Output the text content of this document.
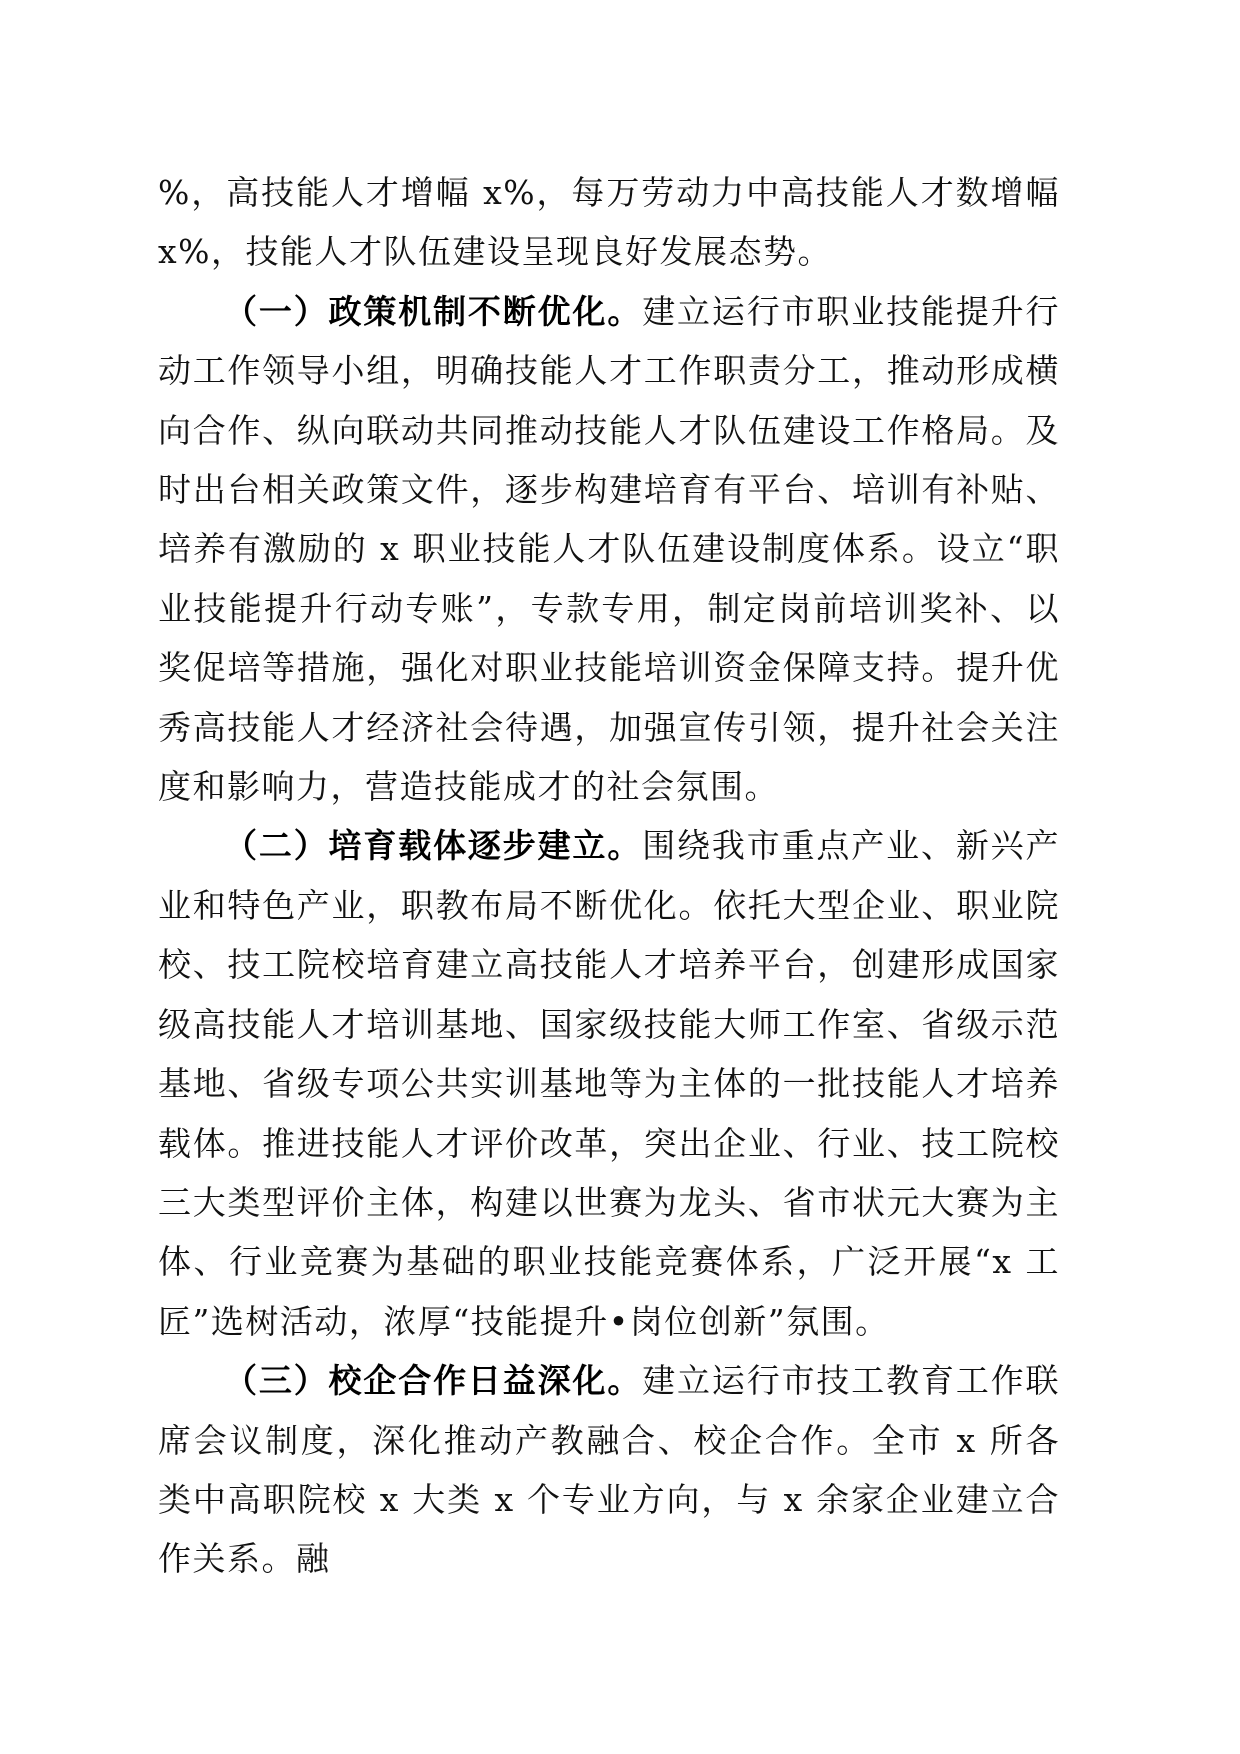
%，高技能人才增幅 x%，每万劳动力中高技能人才数增幅 x%，技能人才队伍建设呈现良好发展态势。

（一）政策机制不断优化。建立运行市职业技能提升行动工作领导小组，明确技能人才工作职责分工，推动形成横向合作、纵向联动共同推动技能人才队伍建设工作格局。及时出台相关政策文件，逐步构建培育有平台、培训有补贴、培养有激励的 x 职业技能人才队伍建设制度体系。设立“职业技能提升行动专账”，专款专用，制定岗前培训奖补、以奖促培等措施，强化对职业技能培训资金保障支持。提升优秀高技能人才经济社会待遇，加强宣传引领，提升社会关注度和影响力，营造技能成才的社会氛围。

（二）培育载体逐步建立。围绕我市重点产业、新兴产业和特色产业，职教布局不断优化。依托大型企业、职业院校、技工院校培育建立高技能人才培养平台，创建形成国家级高技能人才培训基地、国家级技能大师工作室、省级示范基地、省级专项公共实训基地等为主体的一批技能人才培养载体。推进技能人才评价改革，突出企业、行业、技工院校三大类型评价主体，构建以世赛为龙头、省市状元大赛为主体、行业竞赛为基础的职业技能竞赛体系，广泛开展“x 工匠”选树活动，浓厚“技能提升•岗位创新”氛围。

（三）校企合作日益深化。建立运行市技工教育工作联席会议制度，深化推动产教融合、校企合作。全市 x 所各类中高职院校 x 大类 x 个专业方向，与 x 余家企业建立合作关系。融
